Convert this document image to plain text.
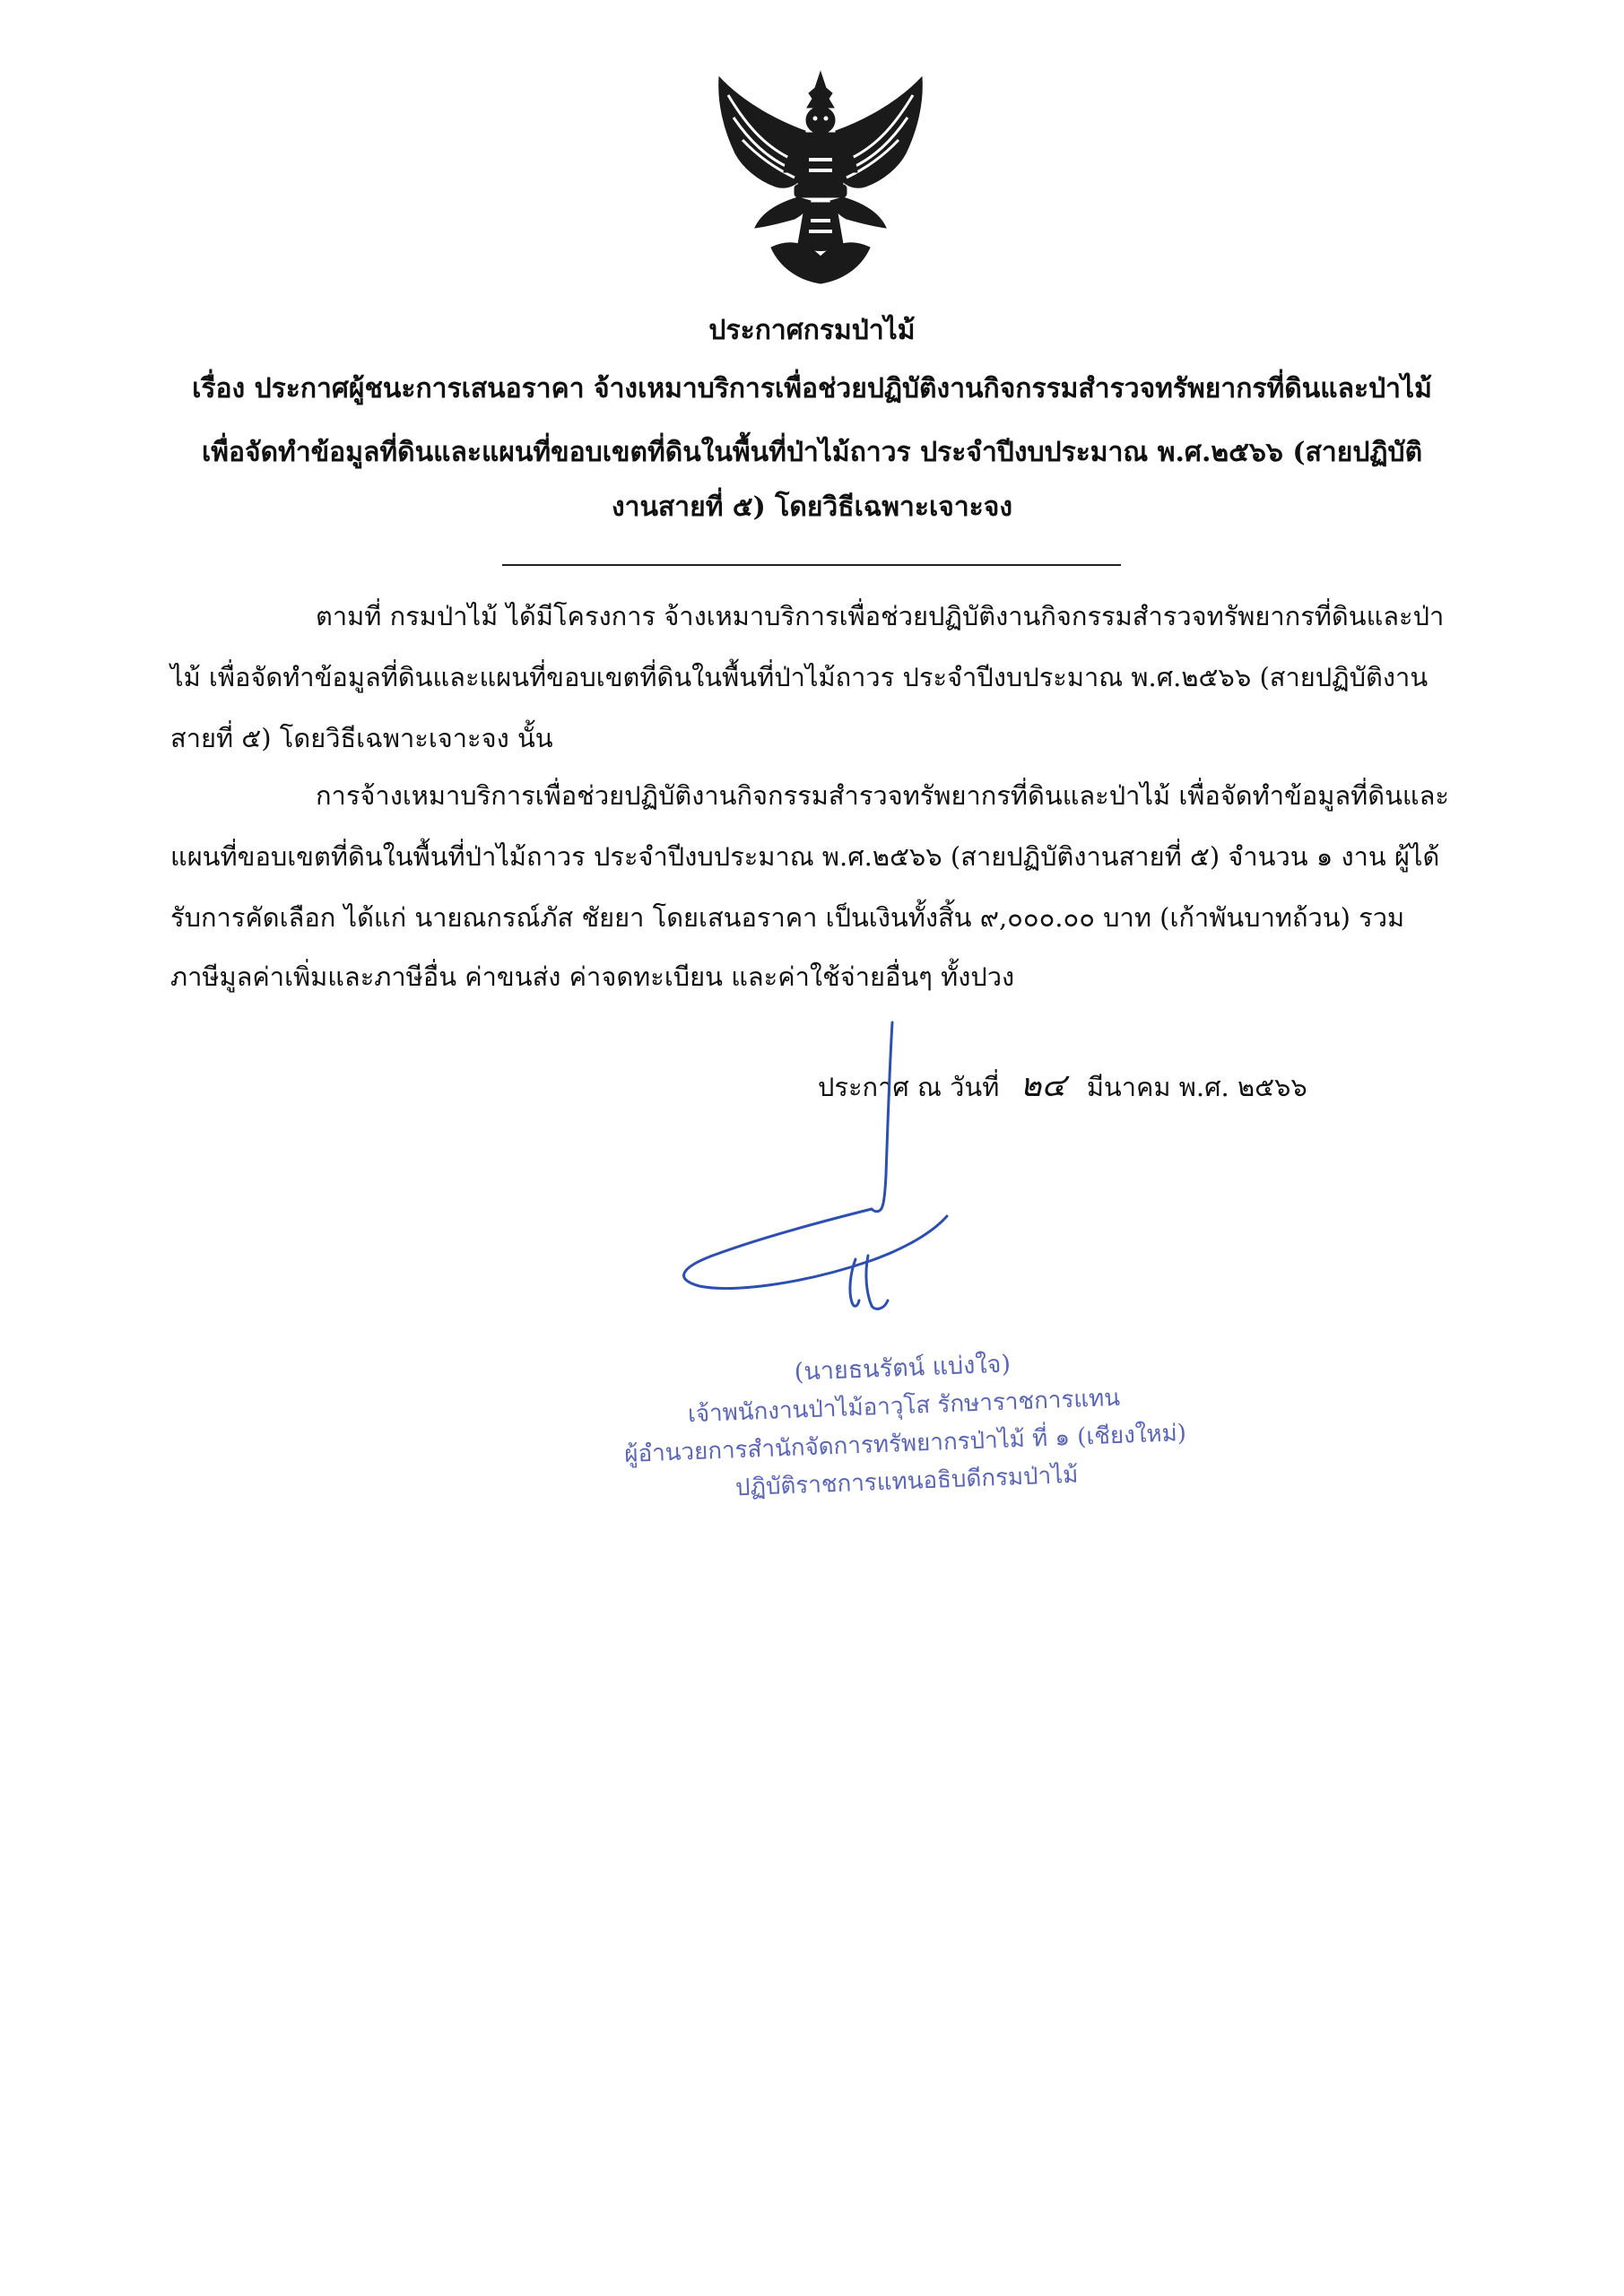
ประกาศกรมป่าไม้

เรื่อง ประกาศผู้ชนะการเสนอราคา จ้างเหมาบริการเพื่อช่วยปฏิบัติงานกิจกรรมสำรวจทรัพยากรที่ดินและป่าไม้

เพื่อจัดทำข้อมูลที่ดินและแผนที่ขอบเขตที่ดินในพื้นที่ป่าไม้ถาวร ประจำปีงบประมาณ พ.ศ.๒๕๖๖ (สายปฏิบัติ

งานสายที่ ๕) โดยวิธีเฉพาะเจาะจง

ตามที่ กรมป่าไม้ ได้มีโครงการ จ้างเหมาบริการเพื่อช่วยปฏิบัติงานกิจกรรมสำรวจทรัพยากรที่ดินและป่า

ไม้ เพื่อจัดทำข้อมูลที่ดินและแผนที่ขอบเขตที่ดินในพื้นที่ป่าไม้ถาวร ประจำปีงบประมาณ พ.ศ.๒๕๖๖ (สายปฏิบัติงาน

สายที่ ๕) โดยวิธีเฉพาะเจาะจง นั้น

การจ้างเหมาบริการเพื่อช่วยปฏิบัติงานกิจกรรมสำรวจทรัพยากรที่ดินและป่าไม้ เพื่อจัดทำข้อมูลที่ดินและ

แผนที่ขอบเขตที่ดินในพื้นที่ป่าไม้ถาวร ประจำปีงบประมาณ พ.ศ.๒๕๖๖ (สายปฏิบัติงานสายที่ ๕) จำนวน ๑ งาน ผู้ได้

รับการคัดเลือก ได้แก่ นายณกรณ์ภัส ชัยยา โดยเสนอราคา เป็นเงินทั้งสิ้น ๙,๐๐๐.๐๐ บาท (เก้าพันบาทถ้วน) รวม

ภาษีมูลค่าเพิ่มและภาษีอื่น ค่าขนส่ง ค่าจดทะเบียน และค่าใช้จ่ายอื่นๆ ทั้งปวง

ประกาศ ณ วันที่ ๒๔ มีนาคม พ.ศ. ๒๕๖๖

(นายธนรัตน์ แบ่งใจ)

เจ้าพนักงานป่าไม้อาวุโส รักษาราชการแทน

ผู้อำนวยการสำนักจัดการทรัพยากรป่าไม้ ที่ ๑ (เชียงใหม่)

ปฏิบัติราชการแทนอธิบดีกรมป่าไม้
